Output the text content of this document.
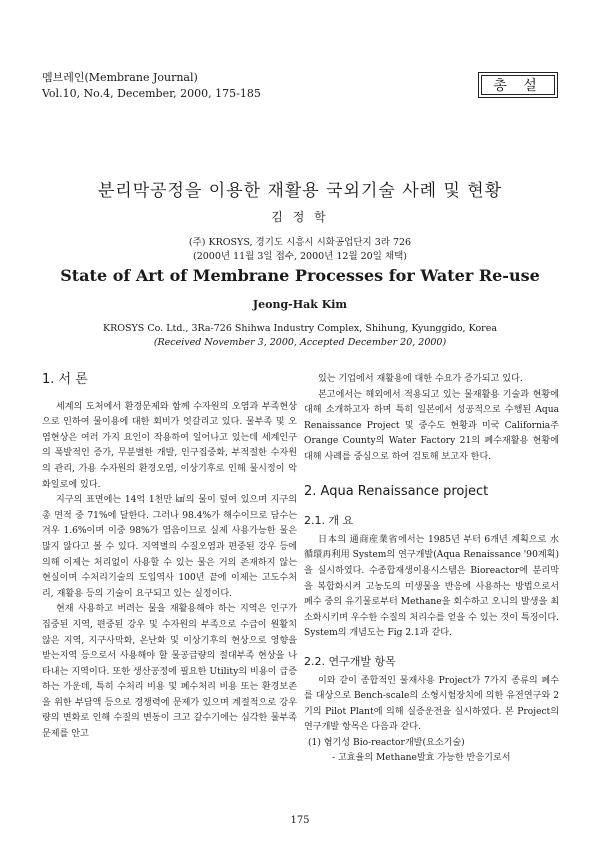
멤브레인(Membrane Journal)
Vol.10, No.4, December, 2000, 175-185	총 설
분리막공정을 이용한 재활용 국외기술 사례 및 현황
김 정 학
(주) KROSYS, 경기도 시흥시 시화공업단지 3라 726
(2000년 11월 3일 접수, 2000년 12월 20일 채택)
State of Art of Membrane Processes for Water Re-use
Jeong-Hak Kim
KROSYS Co. Ltd., 3Ra-726 Shihwa Industry Complex, Shihung, Kyunggido, Korea
(Received November 3, 2000, Accepted December 20, 2000)
1. 서 론

세계의 도처에서 환경문제와 함께 수자원의 오염과 부족현상으로 인하여 물이용에 대한 회비가 엇갈리고 있다. 물부족 및 오염현상은 여러 가지 요인이 작용하여 일어나고 있는데 세계인구의 폭발적인 증가, 무분별한 개발, 인구집중화, 부적절한 수자원의 관리, 가용 수자원의 환경오염, 이상기후로 인해 물시정이 악화일로에 있다.

지구의 표면에는 14억 1천만 ㎢의 물이 덮여 있으며 지구의 총 면적 중 71%에 달한다. 그러나 98.4%가 해수이므로 담수는 겨우 1.6%이며 이중 98%가 염음이므로 실제 사용가능한 물은 많지 않다고 볼 수 있다. 지역별의 수질오염과 편중된 강우 등에 의해 이제는 처리없이 사용할 수 있는 물은 거의 존재하지 않는 현실이며 수처리기술의 도입역사 100년 끝에 이제는 고도수처리, 재활용 등의 기술이 요구되고 있는 실정이다.

현재 사용하고 버려는 물을 재활용해야 하는 지역은 인구가 집중된 지역, 편중된 강우 및 수자원의 부족으로 수급이 원활치 않은 지역, 지구사막화, 온난화 및 이상기후의 현상으로 영향을 받는지역 등으로서 사용해야 할 물공급량의 절대부족 현상을 나타내는 지역이다. 또한 생산공정에 필요한 Utility의 비용이 급증하는 가운데, 특히 수처리 비용 및 폐수처리 비용 또는 환경보존을 위한 부담액 등으로 경쟁력에 문제가 있으며 계절적으로 강우량의 변화로 인해 수질의 변동이 크고 갈수기에는 심각한 물부족 문제를 안고

있는 기업에서 재활용에 대한 수요가 증가되고 있다.

본고에서는 해외에서 적용되고 있는 물재활용 기술과 현황에 대해 소개하고자 하며 특히 일본에서 성공적으로 수행된 Aqua Renaissance Project 및 중수도 현황과 미국 California주 Orange County의 Water Factory 21의 폐수재활용 현황에 대해 사례를 중심으로 하여 검토해 보고자 한다.

2. Aqua Renaissance project
2.1. 개 요

日本의 通商産業省에서는 1985년 부터 6개년 계획으로 水循環再利用 System의 연구개발(Aqua Renaissance '90계획)을 실시하였다. 수종합재생이용시스템은 Bioreactor에 분리막을 복합화시켜 고농도의 미생물을 반응에 사용하는 방법으로서 폐수 중의 유기물로부터 Methane을 회수하고 오니의 발생을 최소화시키며 우수한 수질의 처리수를 얻을 수 있는 것이 특징이다. System의 개념도는 Fig 2.1과 같다.

2.2. 연구개발 항목

이와 같이 종합적인 물재사용 Project가 7가지 종류의 폐수를 대상으로 Bench-scale의 소형시험장치에 의한 유전연구와 2기의 Pilot Plant에 의해 실증운전을 실시하였다. 본 Project의 연구개발 항목은 다음과 같다.

(1) 혐기성 Bio-reactor개발(요소기술)
- 고효율의 Methane발효 가능한 반응기로서
175
